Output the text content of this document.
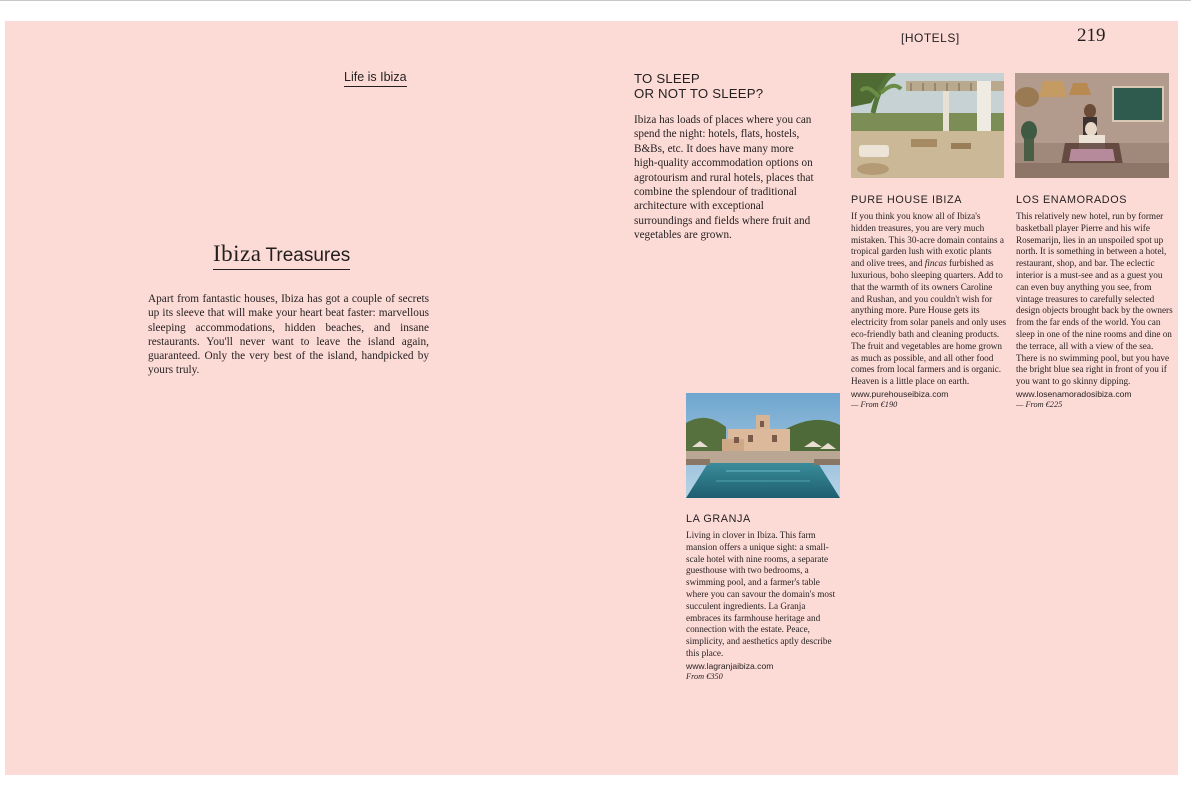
[HOTELS]	219
Life is Ibiza
Ibiza Treasures
Apart from fantastic houses, Ibiza has got a couple of secrets up its sleeve that will make your heart beat faster: marvellous sleeping accommodations, hidden beaches, and insane restaurants. You'll never want to leave the island again, guaranteed. Only the very best of the island, handpicked by yours truly.
TO SLEEP
OR NOT TO SLEEP?
Ibiza has loads of places where you can spend the night: hotels, flats, hostels, B&Bs, etc. It does have many more high-quality accommodation options on agrotourism and rural hotels, places that combine the splendour of traditional architecture with exceptional surroundings and fields where fruit and vegetables are grown.
PURE HOUSE IBIZA
If you think you know all of Ibiza's hidden treasures, you are very much mistaken. This 30-acre domain contains a tropical garden lush with exotic plants and olive trees, and fincas furbished as luxurious, boho sleeping quarters. Add to that the warmth of its owners Caroline and Rushan, and you couldn't wish for anything more. Pure House gets its electricity from solar panels and only uses eco-friendly bath and cleaning products. The fruit and vegetables are home grown as much as possible, and all other food comes from local farmers and is organic. Heaven is a little place on earth.
www.purehouseibiza.com
— From €190
LOS ENAMORADOS
This relatively new hotel, run by former basketball player Pierre and his wife Rosemarijn, lies in an unspoiled spot up north. It is something in between a hotel, restaurant, shop, and bar. The eclectic interior is a must-see and as a guest you can even buy anything you see, from vintage treasures to carefully selected design objects brought back by the owners from the far ends of the world. You can sleep in one of the nine rooms and dine on the terrace, all with a view of the sea. There is no swimming pool, but you have the bright blue sea right in front of you if you want to go skinny dipping.
www.losenamoradosibiza.com
— From €225
LA GRANJA
Living in clover in Ibiza. This farm mansion offers a unique sight: a small-scale hotel with nine rooms, a separate guesthouse with two bedrooms, a swimming pool, and a farmer's table where you can savour the domain's most succulent ingredients. La Granja embraces its farmhouse heritage and connection with the estate. Peace, simplicity, and aesthetics aptly describe this place.
www.lagranjaibiza.com
From €350
